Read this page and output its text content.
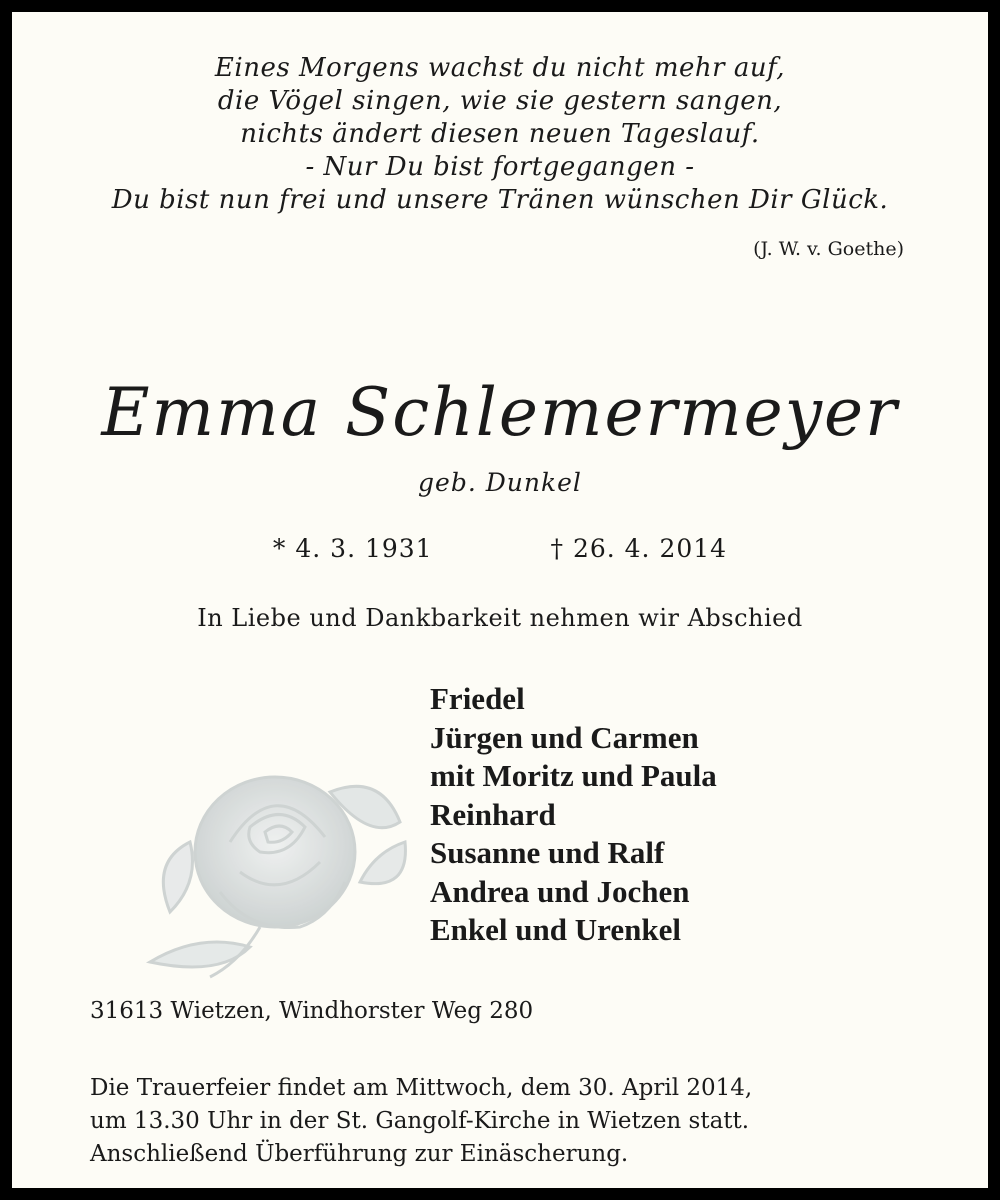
Eines Morgens wachst du nicht mehr auf,
die Vögel singen, wie sie gestern sangen,
nichts ändert diesen neuen Tageslauf.
- Nur Du bist fortgegangen -
Du bist nun frei und unsere Tränen wünschen Dir Glück.
(J. W. v. Goethe)
Emma Schlemermeyer
geb. Dunkel
* 4. 3. 1931	† 26. 4. 2014
In Liebe und Dankbarkeit nehmen wir Abschied
Friedel
Jürgen und Carmen
mit Moritz und Paula
Reinhard
Susanne und Ralf
Andrea und Jochen
Enkel und Urenkel
31613 Wietzen, Windhorster Weg 280
Die Trauerfeier findet am Mittwoch, dem 30. April 2014,
um 13.30 Uhr in der St. Gangolf-Kirche in Wietzen statt.
Anschließend Überführung zur Einäscherung.
